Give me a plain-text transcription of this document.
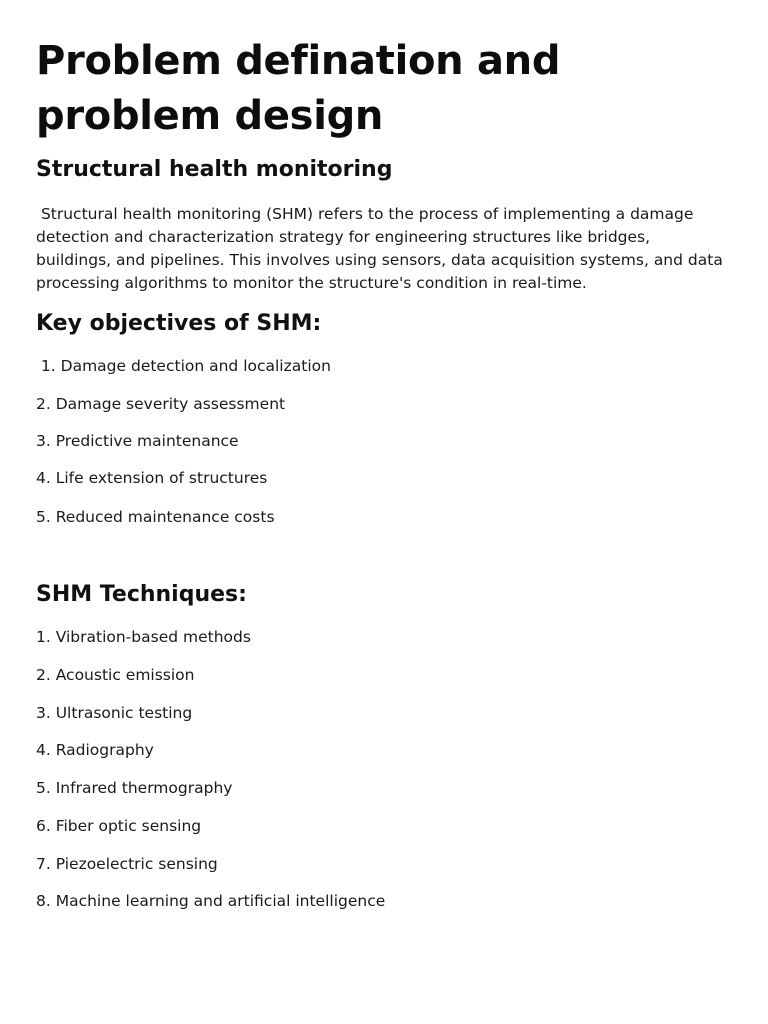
Problem defination and problem design
Structural health monitoring

Structural health monitoring (SHM) refers to the process of implementing a damage detection and characterization strategy for engineering structures like bridges, buildings, and pipelines. This involves using sensors, data acquisition systems, and data processing algorithms to monitor the structure's condition in real-time.

Key objectives of SHM:

1. Damage detection and localization

2. Damage severity assessment

3. Predictive maintenance

4. Life extension of structures

5. Reduced maintenance costs

SHM Techniques:

1. Vibration-based methods

2. Acoustic emission

3. Ultrasonic testing

4. Radiography

5. Infrared thermography

6. Fiber optic sensing

7. Piezoelectric sensing

8. Machine learning and artificial intelligence
